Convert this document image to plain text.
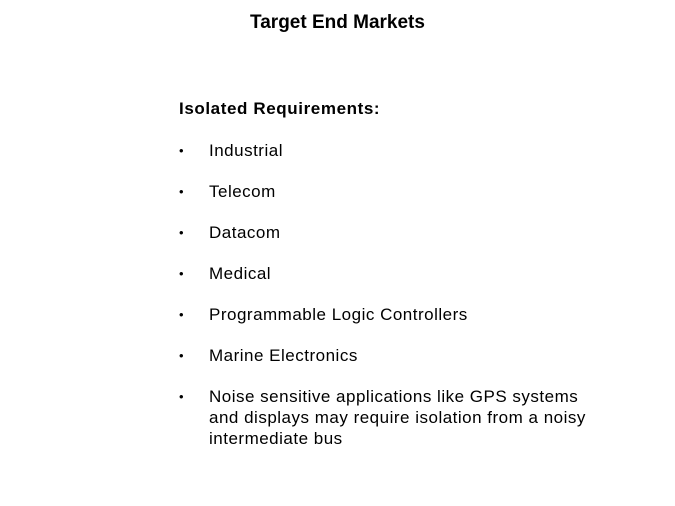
Target End Markets
Isolated Requirements:
• Industrial
• Telecom
• Datacom
• Medical
• Programmable Logic Controllers
• Marine Electronics
• Noise sensitive applications like GPS systems and displays may require isolation from a noisy intermediate bus
